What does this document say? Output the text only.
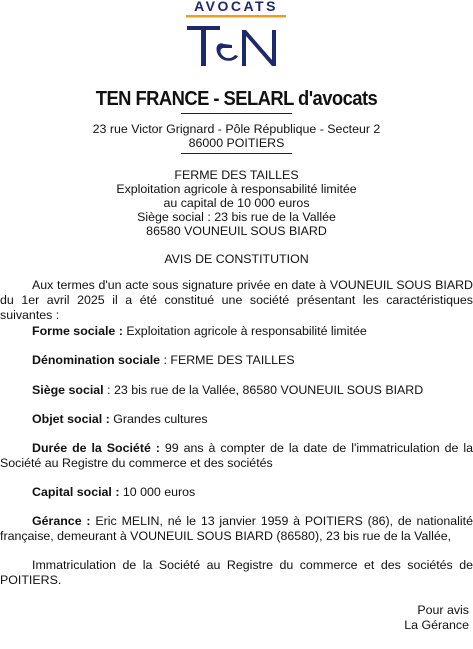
AVOCATS
TEN FRANCE - SELARL d'avocats
23 rue Victor Grignard - Pôle République - Secteur 2
86000 POITIERS
FERME DES TAILLES
Exploitation agricole à responsabilité limitée
au capital de 10 000 euros
Siège social : 23 bis rue de la Vallée
86580 VOUNEUIL SOUS BIARD
AVIS DE CONSTITUTION
Aux termes d'un acte sous signature privée en date à VOUNEUIL SOUS BIARD du 1er avril 2025 il a été constitué une société présentant les caractéristiques suivantes :
Forme sociale : Exploitation agricole à responsabilité limitée
Dénomination sociale : FERME DES TAILLES
Siège social : 23 bis rue de la Vallée, 86580 VOUNEUIL SOUS BIARD
Objet social : Grandes cultures
Durée de la Société : 99 ans à compter de la date de l'immatriculation de la Société au Registre du commerce et des sociétés
Capital social : 10 000 euros
Gérance : Eric MELIN, né le 13 janvier 1959 à POITIERS (86), de nationalité française, demeurant à VOUNEUIL SOUS BIARD (86580), 23 bis rue de la Vallée,
Immatriculation de la Société au Registre du commerce et des sociétés de POITIERS.
Pour avis
La Gérance
